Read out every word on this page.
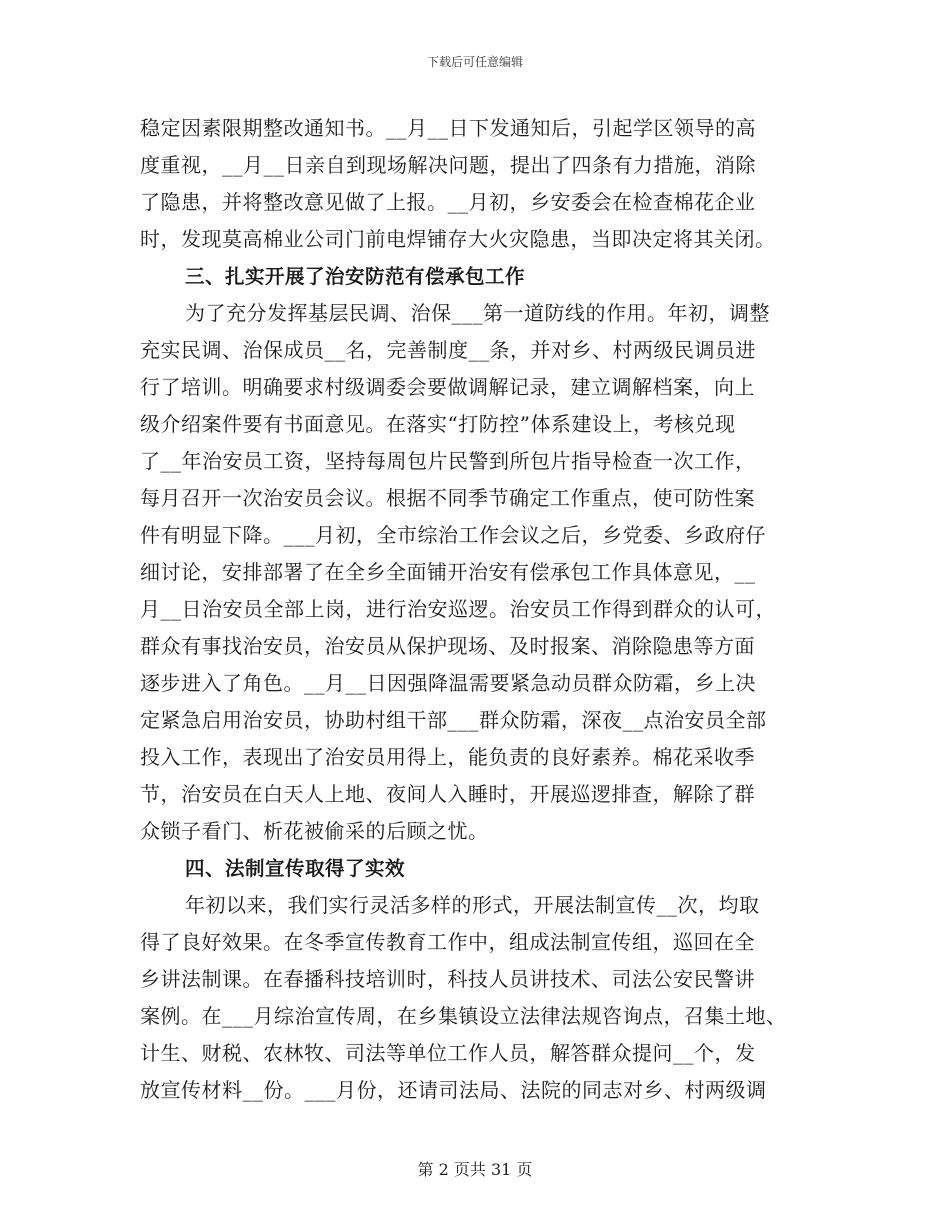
下载后可任意编辑
稳定因素限期整改通知书。__月__日下发通知后，引起学区领导的高
度重视，__月__日亲自到现场解决问题，提出了四条有力措施，消除
了隐患，并将整改意见做了上报。__月初，乡安委会在检查棉花企业
时，发现莫高棉业公司门前电焊铺存大火灾隐患，当即决定将其关闭。
三、扎实开展了治安防范有偿承包工作
为了充分发挥基层民调、治保___第一道防线的作用。年初，调整
充实民调、治保成员__名，完善制度__条，并对乡、村两级民调员进
行了培训。明确要求村级调委会要做调解记录，建立调解档案，向上
级介绍案件要有书面意见。在落实“打防控”体系建设上，考核兑现
了__年治安员工资，坚持每周包片民警到所包片指导检查一次工作，
每月召开一次治安员会议。根据不同季节确定工作重点，使可防性案
件有明显下降。___月初，全市综治工作会议之后，乡党委、乡政府仔
细讨论，安排部署了在全乡全面铺开治安有偿承包工作具体意见，__
月__日治安员全部上岗，进行治安巡逻。治安员工作得到群众的认可，
群众有事找治安员，治安员从保护现场、及时报案、消除隐患等方面
逐步进入了角色。__月__日因强降温需要紧急动员群众防霜，乡上决
定紧急启用治安员，协助村组干部___群众防霜，深夜__点治安员全部
投入工作，表现出了治安员用得上，能负责的良好素养。棉花采收季
节，治安员在白天人上地、夜间人入睡时，开展巡逻排查，解除了群
众锁子看门、析花被偷采的后顾之忧。
四、法制宣传取得了实效
年初以来，我们实行灵活多样的形式，开展法制宣传__次，均取
得了良好效果。在冬季宣传教育工作中，组成法制宣传组，巡回在全
乡讲法制课。在春播科技培训时，科技人员讲技术、司法公安民警讲
案例。在___月综治宣传周，在乡集镇设立法律法规咨询点，召集土地、
计生、财税、农林牧、司法等单位工作人员，解答群众提问__个，发
放宣传材料__份。___月份，还请司法局、法院的同志对乡、村两级调
第 2 页共 31 页
